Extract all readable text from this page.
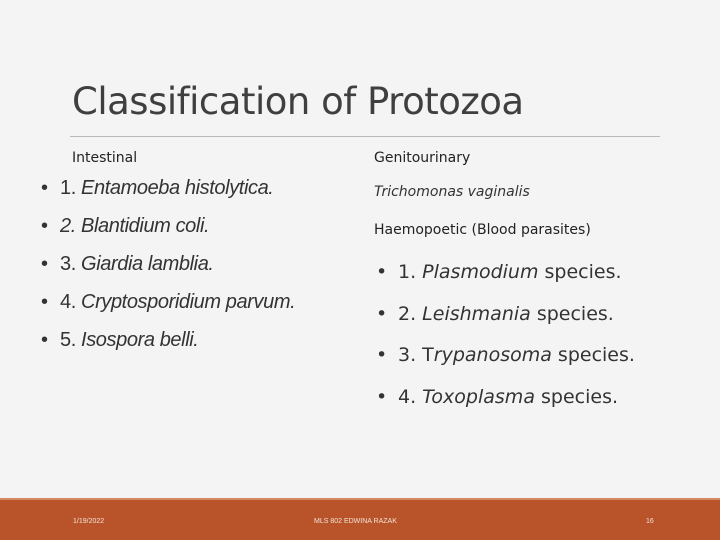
Classification of Protozoa
Intestinal
• 1. Entamoeba histolytica.
• 2. Blantidium coli.
• 3. Giardia lamblia.
• 4. Cryptosporidium parvum.
• 5. Isospora belli.
Genitourinary
Trichomonas vaginalis
Haemopoetic (Blood parasites)
• 1. Plasmodium species.
• 2. Leishmania species.
• 3. Trypanosoma species.
• 4. Toxoplasma species.
1/19/2022	MLS 802 EDWINA RAZAK	16
